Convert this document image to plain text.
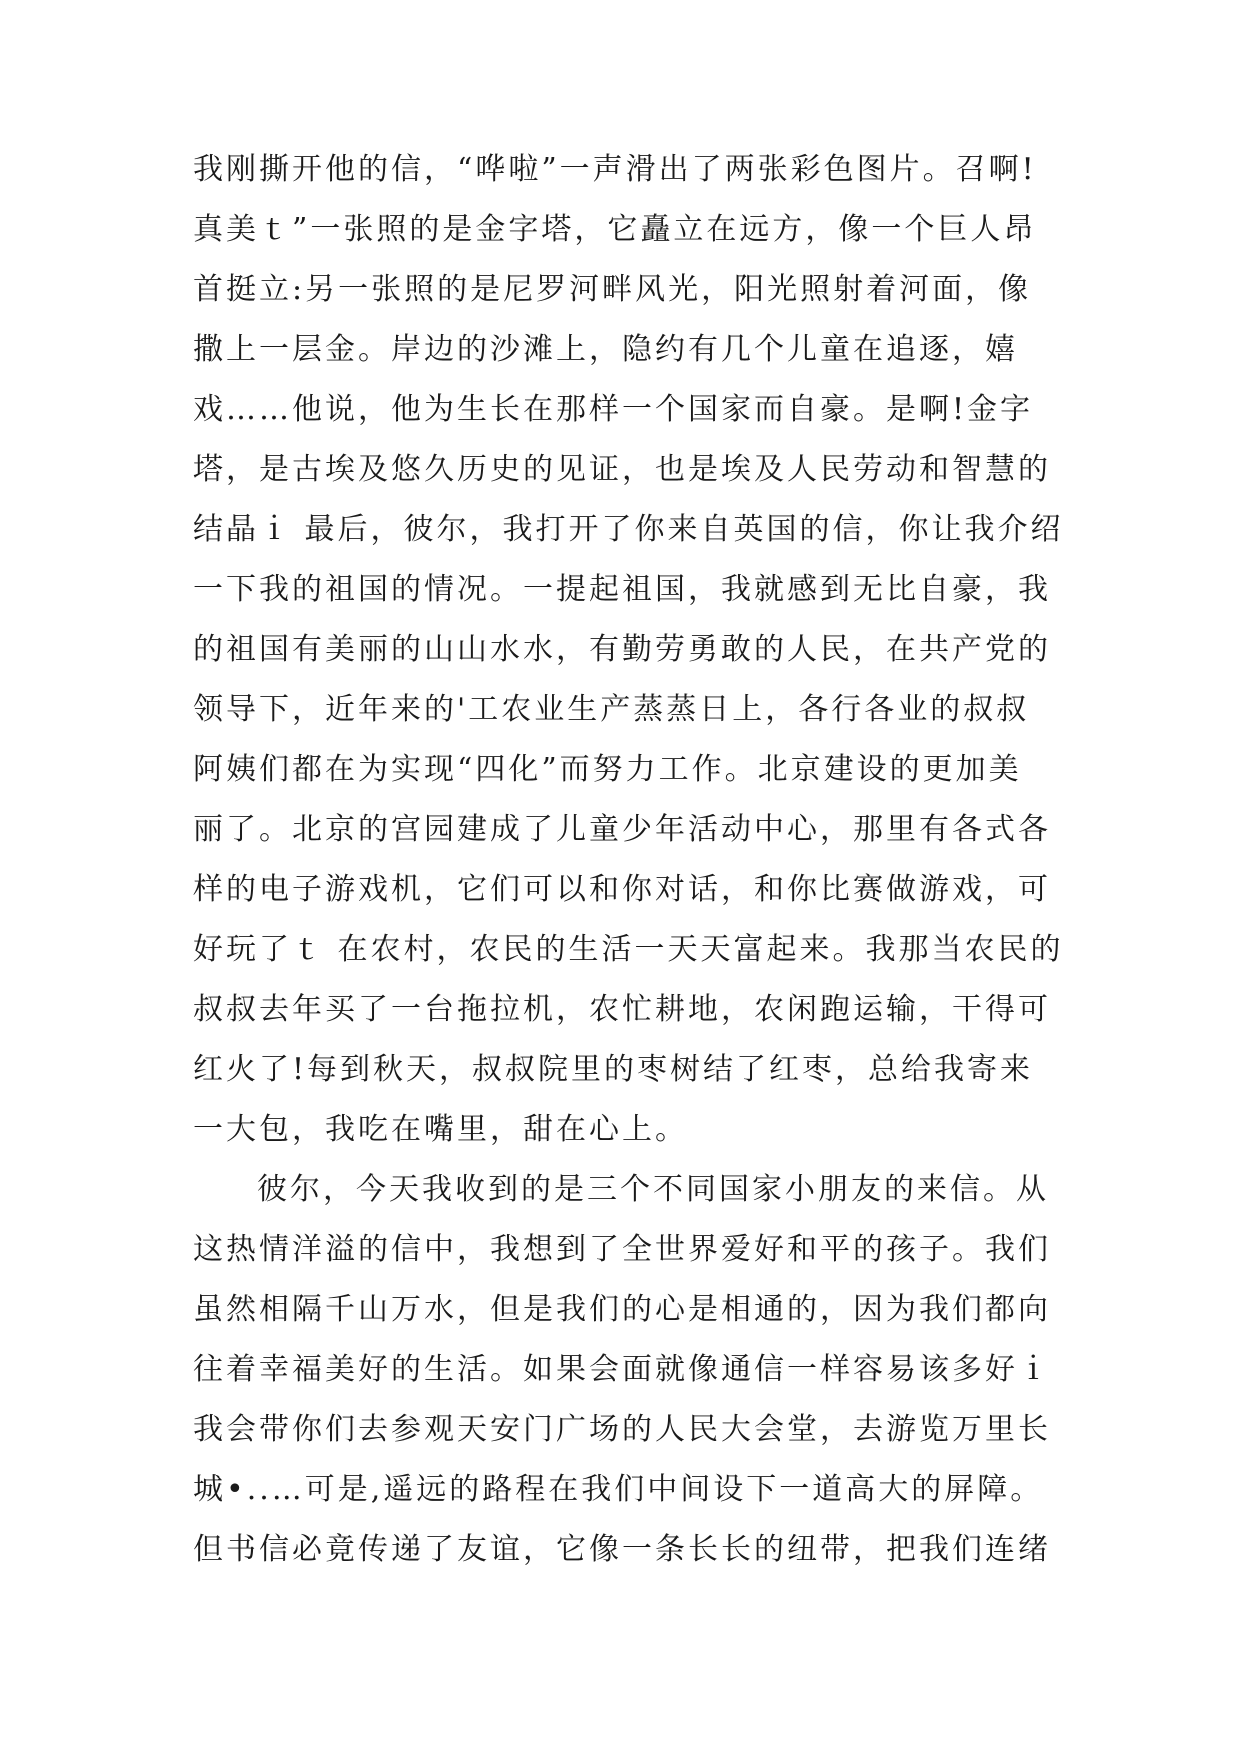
我刚撕开他的信，“哗啦”一声滑出了两张彩色图片。召啊!
真美ｔ”一张照的是金字塔，它矗立在远方，像一个巨人昂
首挺立:另一张照的是尼罗河畔风光，阳光照射着河面，像
撒上一层金。岸边的沙滩上，隐约有几个儿童在追逐，嬉
戏……他说，他为生长在那样一个国家而自豪。是啊!金字
塔，是古埃及悠久历史的见证，也是埃及人民劳动和智慧的
结晶ｉ 最后，彼尔，我打开了你来自英国的信，你让我介绍
一下我的祖国的情况。一提起祖国，我就感到无比自豪，我
的祖国有美丽的山山水水，有勤劳勇敢的人民，在共产党的
领导下，近年来的'工农业生产蒸蒸日上，各行各业的叔叔
阿姨们都在为实现“四化”而努力工作。北京建设的更加美
丽了。北京的宫园建成了儿童少年活动中心，那里有各式各
样的电子游戏机，它们可以和你对话，和你比赛做游戏，可
好玩了ｔ 在农村，农民的生活一天天富起来。我那当农民的
叔叔去年买了一台拖拉机，农忙耕地，农闲跑运输，干得可
红火了!每到秋天，叔叔院里的枣树结了红枣，总给我寄来
一大包，我吃在嘴里，甜在心上。
彼尔，今天我收到的是三个不同国家小朋友的来信。从
这热情洋溢的信中，我想到了全世界爱好和平的孩子。我们
虽然相隔千山万水，但是我们的心是相通的，因为我们都向
往着幸福美好的生活。如果会面就像通信一样容易该多好ｉ
我会带你们去参观天安门广场的人民大会堂，去游览万里长
城•..…可是,遥远的路程在我们中间设下一道高大的屏障。
但书信必竟传递了友谊，它像一条长长的纽带，把我们连绪
